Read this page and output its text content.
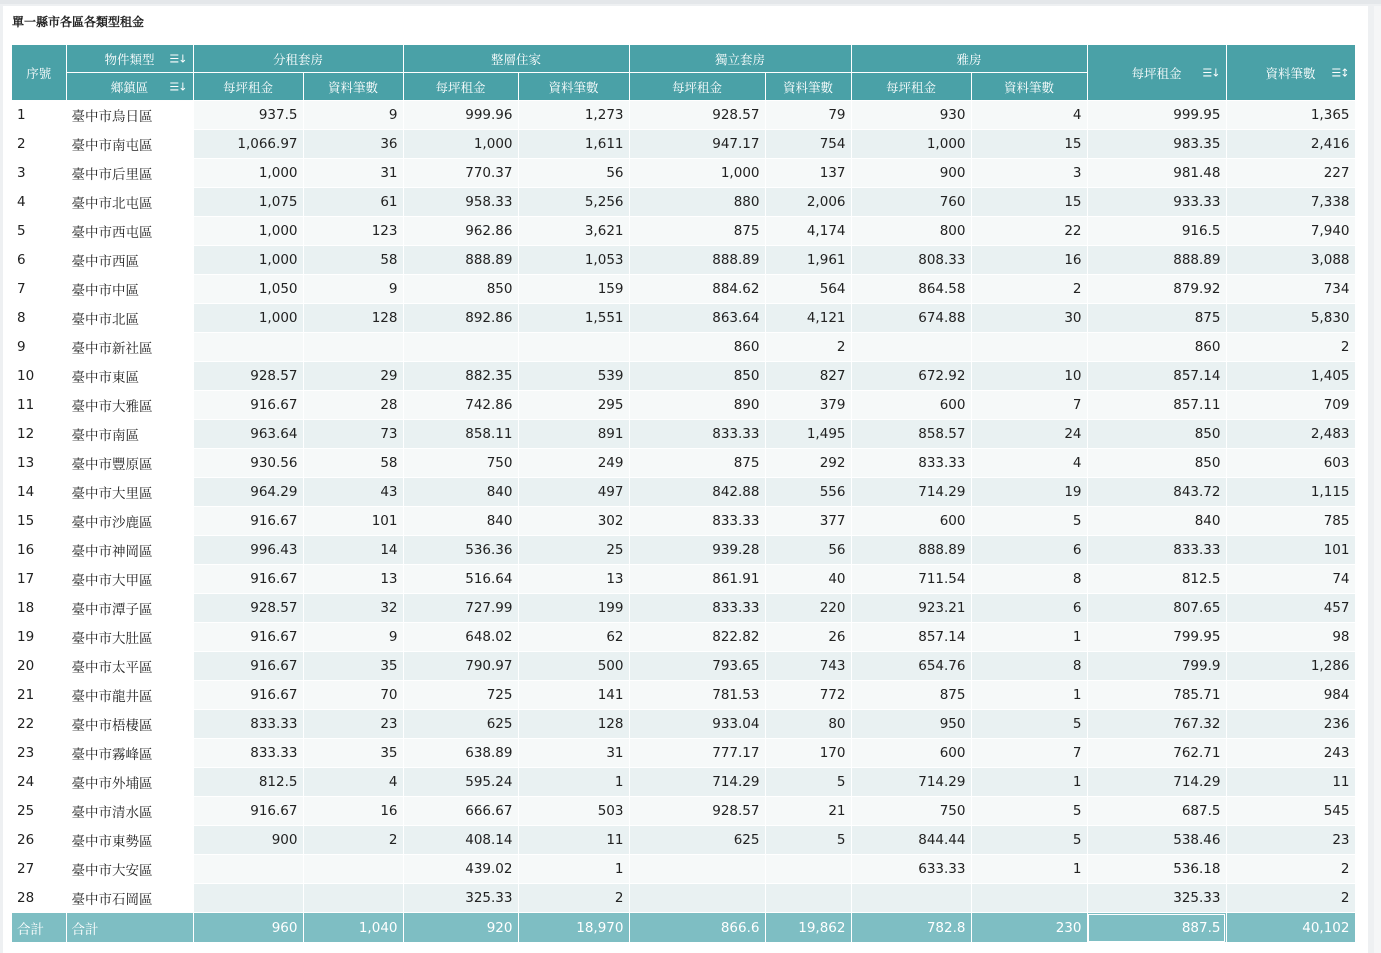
單一縣市各區各類型租金
序號	物件類型 ☰↓	分租套房		整層住家		獨立套房		雅房		每坪租金 ☰↓	資料筆數 ☰↕

	鄉鎮區 ☰↓	每坪租金	資料筆數	每坪租金	資料筆數	每坪租金	資料筆數	每坪租金	資料筆數		
1	臺中市烏日區	937.5	9	999.96	1,273	928.57	79	930	4	999.95	1,365
2	臺中市南屯區	1,066.97	36	1,000	1,611	947.17	754	1,000	15	983.35	2,416
3	臺中市后里區	1,000	31	770.37	56	1,000	137	900	3	981.48	227
4	臺中市北屯區	1,075	61	958.33	5,256	880	2,006	760	15	933.33	7,338
5	臺中市西屯區	1,000	123	962.86	3,621	875	4,174	800	22	916.5	7,940
6	臺中市西區	1,000	58	888.89	1,053	888.89	1,961	808.33	16	888.89	3,088
7	臺中市中區	1,050	9	850	159	884.62	564	864.58	2	879.92	734
8	臺中市北區	1,000	128	892.86	1,551	863.64	4,121	674.88	30	875	5,830
9	臺中市新社區					860	2			860	2
10	臺中市東區	928.57	29	882.35	539	850	827	672.92	10	857.14	1,405
11	臺中市大雅區	916.67	28	742.86	295	890	379	600	7	857.11	709
12	臺中市南區	963.64	73	858.11	891	833.33	1,495	858.57	24	850	2,483
13	臺中市豐原區	930.56	58	750	249	875	292	833.33	4	850	603
14	臺中市大里區	964.29	43	840	497	842.88	556	714.29	19	843.72	1,115
15	臺中市沙鹿區	916.67	101	840	302	833.33	377	600	5	840	785
16	臺中市神岡區	996.43	14	536.36	25	939.28	56	888.89	6	833.33	101
17	臺中市大甲區	916.67	13	516.64	13	861.91	40	711.54	8	812.5	74
18	臺中市潭子區	928.57	32	727.99	199	833.33	220	923.21	6	807.65	457
19	臺中市大肚區	916.67	9	648.02	62	822.82	26	857.14	1	799.95	98
20	臺中市太平區	916.67	35	790.97	500	793.65	743	654.76	8	799.9	1,286
21	臺中市龍井區	916.67	70	725	141	781.53	772	875	1	785.71	984
22	臺中市梧棲區	833.33	23	625	128	933.04	80	950	5	767.32	236
23	臺中市霧峰區	833.33	35	638.89	31	777.17	170	600	7	762.71	243
24	臺中市外埔區	812.5	4	595.24	1	714.29	5	714.29	1	714.29	11
25	臺中市清水區	916.67	16	666.67	503	928.57	21	750	5	687.5	545
26	臺中市東勢區	900	2	408.14	11	625	5	844.44	5	538.46	23
27	臺中市大安區			439.02	1			633.33	1	536.18	2
28	臺中市石岡區			325.33	2					325.33	2
合計	合計	960	1,040	920	18,970	866.6	19,862	782.8	230	887.5	40,102
